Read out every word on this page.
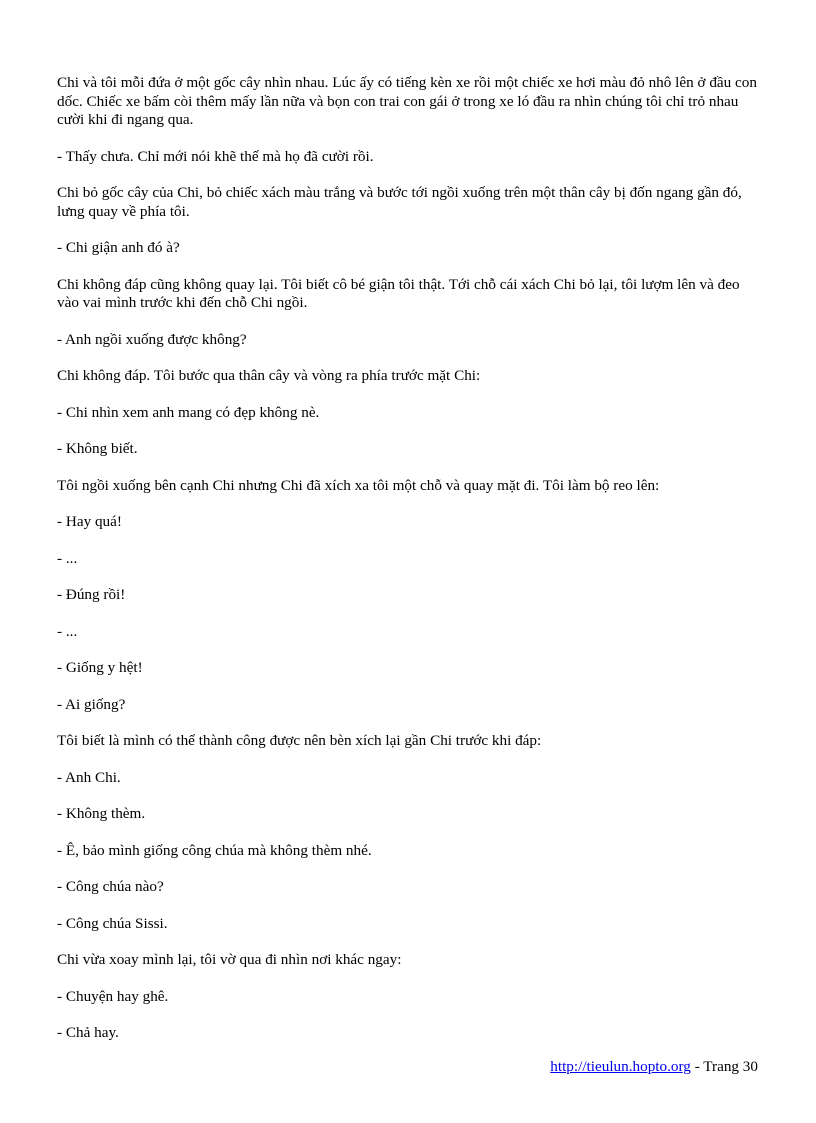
Chi và tôi mỗi đứa ở một gốc cây nhìn nhau. Lúc ấy có tiếng kèn xe rồi một chiếc xe hơi màu đỏ nhô lên ở đầu con dốc. Chiếc xe bấm còi thêm mấy lần nữa và bọn con trai con gái ở trong xe ló đầu ra nhìn chúng tôi chỉ trỏ nhau cười khi đi ngang qua.

- Thấy chưa. Chỉ mới nói khẽ thế mà họ đã cười rồi.

Chi bỏ gốc cây của Chi, bỏ chiếc xách màu trắng và bước tới ngồi xuống trên một thân cây bị đốn ngang gần đó, lưng quay về phía tôi.

- Chi giận anh đó à?

Chi không đáp cũng không quay lại. Tôi biết cô bé giận tôi thật. Tới chỗ cái xách Chi bỏ lại, tôi lượm lên và đeo vào vai mình trước khi đến chỗ Chi ngồi.

- Anh ngồi xuống được không?

Chi không đáp. Tôi bước qua thân cây và vòng ra phía trước mặt Chi:

- Chi nhìn xem anh mang có đẹp không nè.

- Không biết.

Tôi ngồi xuống bên cạnh Chi nhưng Chi đã xích xa tôi một chỗ và quay mặt đi. Tôi làm bộ reo lên:

- Hay quá!

- ...

- Đúng rồi!

- ...

- Giống y hệt!

- Ai giống?

Tôi biết là mình có thể thành công được nên bèn xích lại gần Chi trước khi đáp:

- Anh Chi.

- Không thèm.

- Ê, bảo mình giống công chúa mà không thèm nhé.

- Công chúa nào?

- Công chúa Sissi.

Chi vừa xoay mình lại, tôi vờ qua đi nhìn nơi khác ngay:

- Chuyện hay ghê.

- Chả hay.

http://tieulun.hopto.org - Trang 30
